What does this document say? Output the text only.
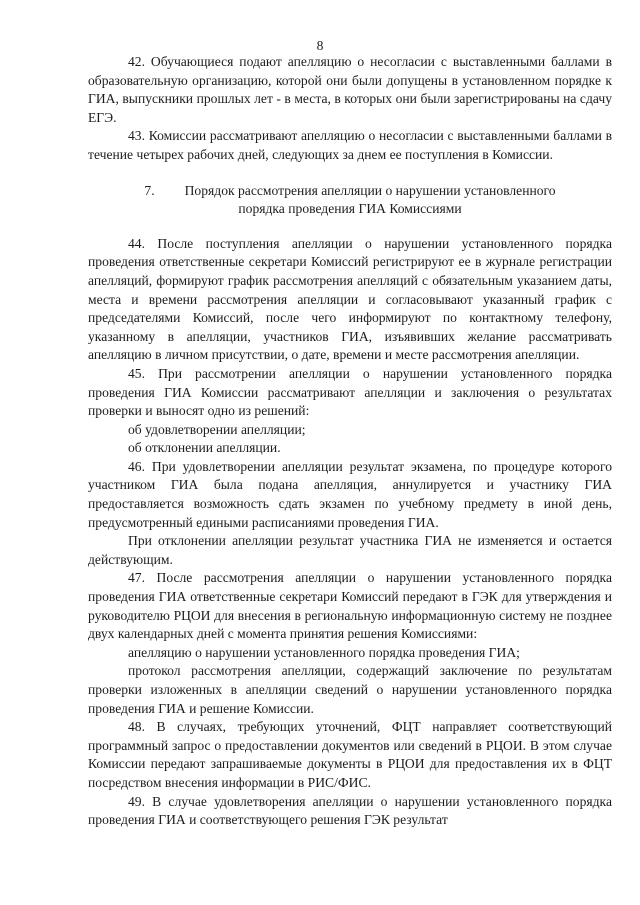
8

42. Обучающиеся подают апелляцию о несогласии с выставленными баллами в образовательную организацию, которой они были допущены в установленном порядке к ГИА, выпускники прошлых лет - в места, в которых они были зарегистрированы на сдачу ЕГЭ.

43. Комиссии рассматривают апелляцию о несогласии с выставленными баллами в течение четырех рабочих дней, следующих за днем ее поступления в Комиссии.

7. Порядок рассмотрения апелляции о нарушении установленного
порядка проведения ГИА Комиссиями

44. После поступления апелляции о нарушении установленного порядка проведения ответственные секретари Комиссий регистрируют ее в журнале регистрации апелляций, формируют график рассмотрения апелляций с обязательным указанием даты, места и времени рассмотрения апелляции и согласовывают указанный график с председателями Комиссий, после чего информируют по контактному телефону, указанному в апелляции, участников ГИА, изъявивших желание рассматривать апелляцию в личном присутствии, о дате, времени и месте рассмотрения апелляции.

45. При рассмотрении апелляции о нарушении установленного порядка проведения ГИА Комиссии рассматривают апелляции и заключения о результатах проверки и выносят одно из решений:

об удовлетворении апелляции;

об отклонении апелляции.

46. При удовлетворении апелляции результат экзамена, по процедуре которого участником ГИА была подана апелляция, аннулируется и участнику ГИА предоставляется возможность сдать экзамен по учебному предмету в иной день, предусмотренный едиными расписаниями проведения ГИА.

При отклонении апелляции результат участника ГИА не изменяется и остается действующим.

47. После рассмотрения апелляции о нарушении установленного порядка проведения ГИА ответственные секретари Комиссий передают в ГЭК для утверждения и руководителю РЦОИ для внесения в региональную информационную систему не позднее двух календарных дней с момента принятия решения Комиссиями:

апелляцию о нарушении установленного порядка проведения ГИА;

протокол рассмотрения апелляции, содержащий заключение по результатам проверки изложенных в апелляции сведений о нарушении установленного порядка проведения ГИА и решение Комиссии.

48. В случаях, требующих уточнений, ФЦТ направляет соответствующий программный запрос о предоставлении документов или сведений в РЦОИ. В этом случае Комиссии передают запрашиваемые документы в РЦОИ для предоставления их в ФЦТ посредством внесения информации в РИС/ФИС.

49. В случае удовлетворения апелляции о нарушении установленного порядка проведения ГИА и соответствующего решения ГЭК результат
